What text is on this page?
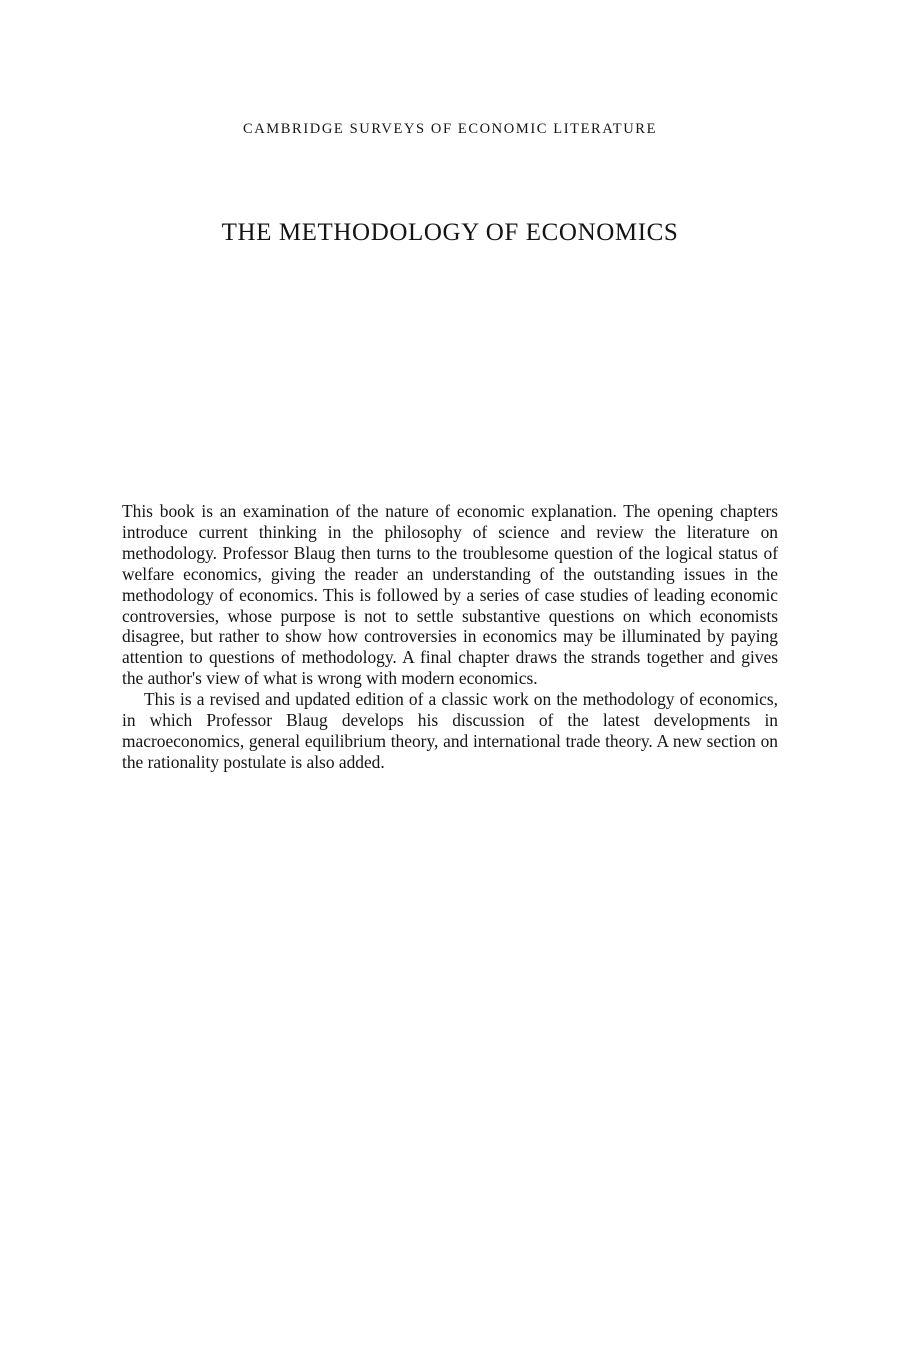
CAMBRIDGE SURVEYS OF ECONOMIC LITERATURE
THE METHODOLOGY OF ECONOMICS

This book is an examination of the nature of economic explanation. The opening chapters introduce current thinking in the philosophy of science and review the literature on methodology. Professor Blaug then turns to the troublesome question of the logical status of welfare economics, giving the reader an understanding of the outstanding issues in the methodology of economics. This is followed by a series of case studies of leading economic controversies, whose purpose is not to settle substantive questions on which economists disagree, but rather to show how controversies in economics may be illuminated by paying attention to questions of methodology. A final chapter draws the strands together and gives the author's view of what is wrong with modern economics.

This is a revised and updated edition of a classic work on the methodology of economics, in which Professor Blaug develops his discussion of the latest developments in macroeconomics, general equilibrium theory, and international trade theory. A new section on the rationality postulate is also added.
